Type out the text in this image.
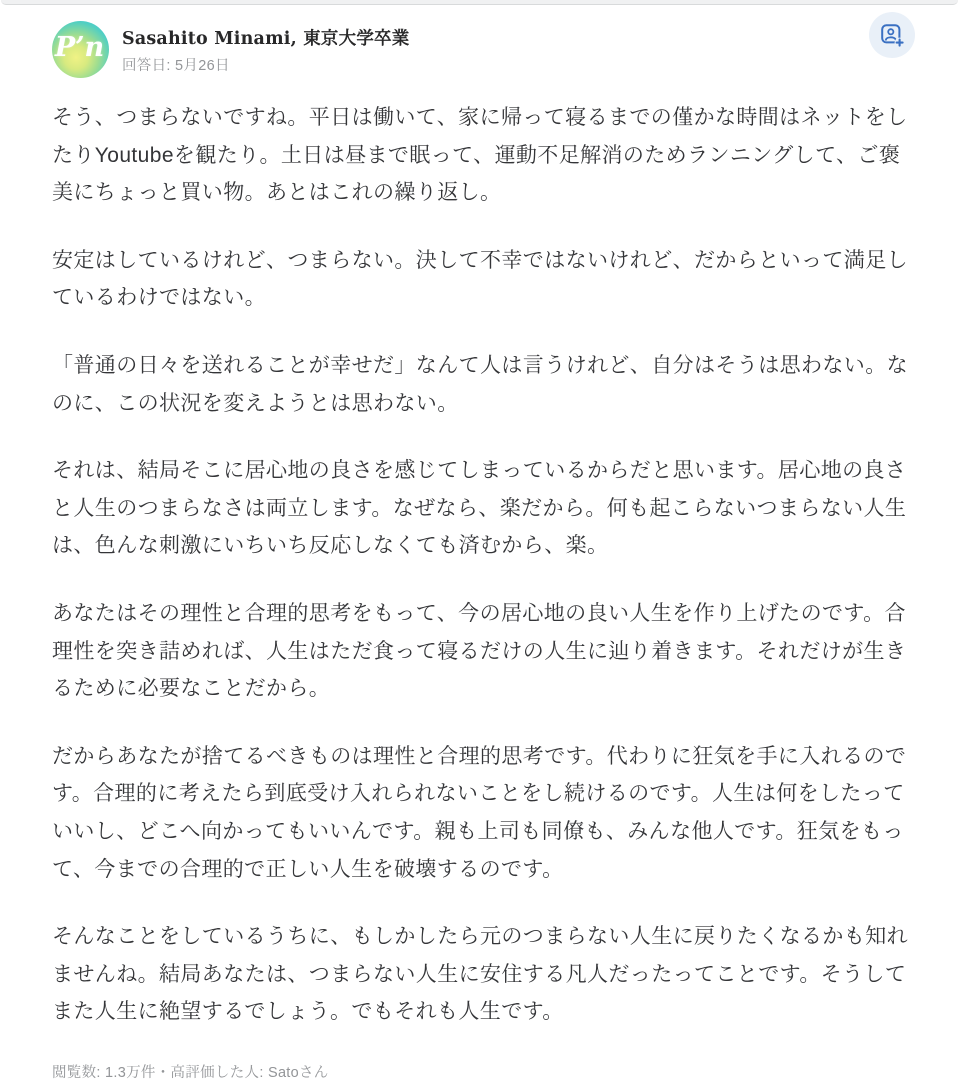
P’n Sasahito Minami, 東京大学卒業
回答日: 5月26日

そう、つまらないですね。平日は働いて、家に帰って寝るまでの僅かな時間はネットをしたりYoutubeを観たり。土日は昼まで眠って、運動不足解消のためランニングして、ご褒美にちょっと買い物。あとはこれの繰り返し。

安定はしているけれど、つまらない。決して不幸ではないけれど、だからといって満足しているわけではない。

「普通の日々を送れることが幸せだ」なんて人は言うけれど、自分はそうは思わない。なのに、この状況を変えようとは思わない。

それは、結局そこに居心地の良さを感じてしまっているからだと思います。居心地の良さと人生のつまらなさは両立します。なぜなら、楽だから。何も起こらないつまらない人生は、色んな刺激にいちいち反応しなくても済むから、楽。

あなたはその理性と合理的思考をもって、今の居心地の良い人生を作り上げたのです。合理性を突き詰めれば、人生はただ食って寝るだけの人生に辿り着きます。それだけが生きるために必要なことだから。

だからあなたが捨てるべきものは理性と合理的思考です。代わりに狂気を手に入れるのです。合理的に考えたら到底受け入れられないことをし続けるのです。人生は何をしたっていいし、どこへ向かってもいいんです。親も上司も同僚も、みんな他人です。狂気をもって、今までの合理的で正しい人生を破壊するのです。

そんなことをしているうちに、もしかしたら元のつまらない人生に戻りたくなるかも知れませんね。結局あなたは、つまらない人生に安住する凡人だったってことです。そうしてまた人生に絶望するでしょう。でもそれも人生です。

閲覧数: 1.3万件・高評価した人: Satoさん
